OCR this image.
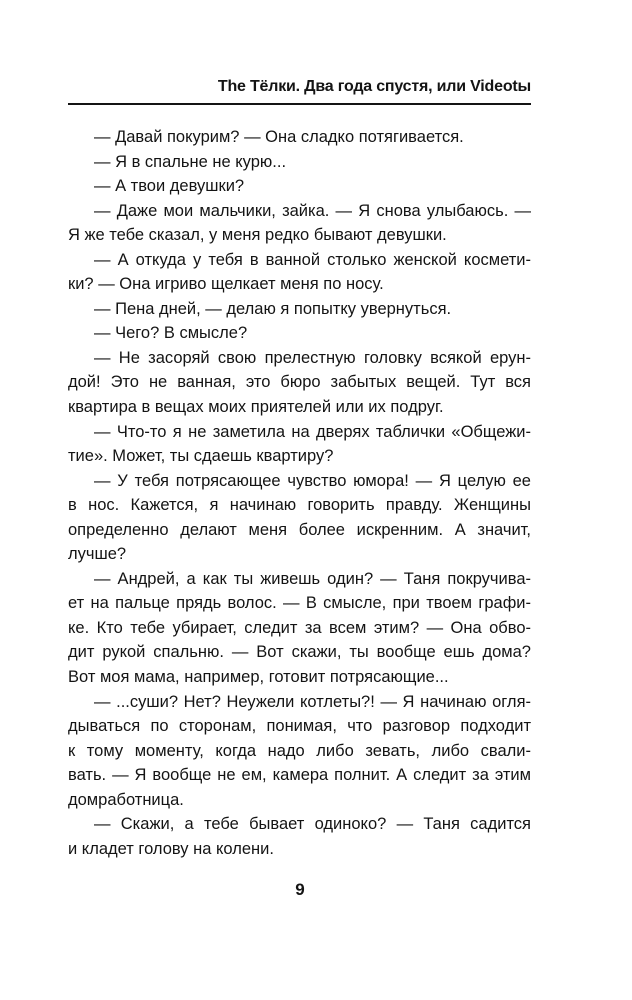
The Тёлки. Два года спустя, или Videotы
— Давай покурим? — Она сладко потягивается.
— Я в спальне не курю...
— А твои девушки?
— Даже мои мальчики, зайка. — Я снова улыбаюсь. —
Я же тебе сказал, у меня редко бывают девушки.
— А откуда у тебя в ванной столько женской космети-
ки? — Она игриво щелкает меня по носу.
— Пена дней, — делаю я попытку увернуться.
— Чего? В смысле?
— Не засоряй свою прелестную головку всякой ерун-
дой! Это не ванная, это бюро забытых вещей. Тут вся
квартира в вещах моих приятелей или их подруг.
— Что-то я не заметила на дверях таблички «Общежи-
тие». Может, ты сдаешь квартиру?
— У тебя потрясающее чувство юмора! — Я целую ее
в нос. Кажется, я начинаю говорить правду. Женщины
определенно делают меня более искренним. А значит,
лучше?
— Андрей, а как ты живешь один? — Таня покручива-
ет на пальце прядь волос. — В смысле, при твоем графи-
ке. Кто тебе убирает, следит за всем этим? — Она обво-
дит рукой спальню. — Вот скажи, ты вообще ешь дома?
Вот моя мама, например, готовит потрясающие...
— ...суши? Нет? Неужели котлеты?! — Я начинаю огля-
дываться по сторонам, понимая, что разговор подходит
к тому моменту, когда надо либо зевать, либо свали-
вать. — Я вообще не ем, камера полнит. А следит за этим
домработница.
— Скажи, а тебе бывает одиноко? — Таня садится
и кладет голову на колени.
9
